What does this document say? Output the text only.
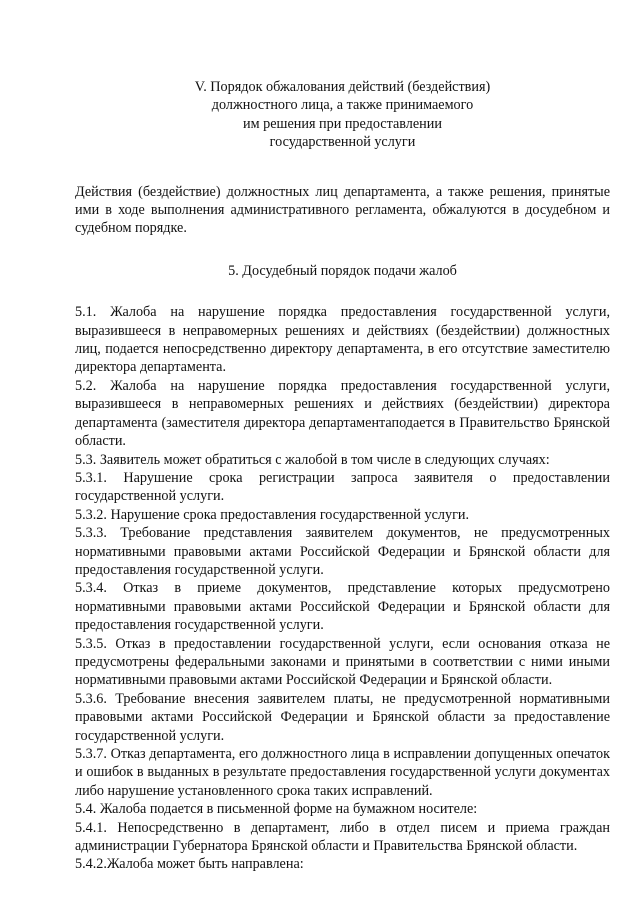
V. Порядок обжалования действий (бездействия)
должностного лица, а также принимаемого
им решения при предоставлении
государственной услуги

Действия (бездействие) должностных лиц департамента, а также решения, принятые ими в ходе выполнения административного регламента, обжалуются в досудебном и судебном порядке.

5. Досудебный порядок подачи жалоб

5.1. Жалоба на нарушение порядка предоставления государственной услуги, выразившееся в неправомерных решениях и действиях (бездействии) должностных лиц, подается непосредственно директору департамента, в его отсутствие заместителю директора департамента.

5.2. Жалоба на нарушение порядка предоставления государственной услуги, выразившееся в неправомерных решениях и действиях (бездействии) директора департамента (заместителя директора департаментаподается в Правительство Брянской области.

5.3. Заявитель может обратиться с жалобой в том числе в следующих случаях:

5.3.1. Нарушение срока регистрации запроса заявителя о предоставлении государственной услуги.

5.3.2. Нарушение срока предоставления государственной услуги.

5.3.3. Требование представления заявителем документов, не предусмотренных нормативными правовыми актами Российской Федерации и Брянской области для предоставления государственной услуги.

5.3.4. Отказ в приеме документов, представление которых предусмотрено нормативными правовыми актами Российской Федерации и Брянской области для предоставления государственной услуги.

5.3.5. Отказ в предоставлении государственной услуги, если основания отказа не предусмотрены федеральными законами и принятыми в соответствии с ними иными нормативными правовыми актами Российской Федерации и Брянской области.

5.3.6. Требование внесения заявителем платы, не предусмотренной нормативными правовыми актами Российской Федерации и Брянской области за предоставление государственной услуги.

5.3.7. Отказ департамента, его должностного лица в исправлении допущенных опечаток и ошибок в выданных в результате предоставления государственной услуги документах либо нарушение установленного срока таких исправлений.

5.4. Жалоба подается в письменной форме на бумажном носителе:

5.4.1. Непосредственно в департамент, либо в отдел писем и приема граждан администрации Губернатора Брянской области и Правительства Брянской области.

5.4.2.Жалоба может быть направлена:
